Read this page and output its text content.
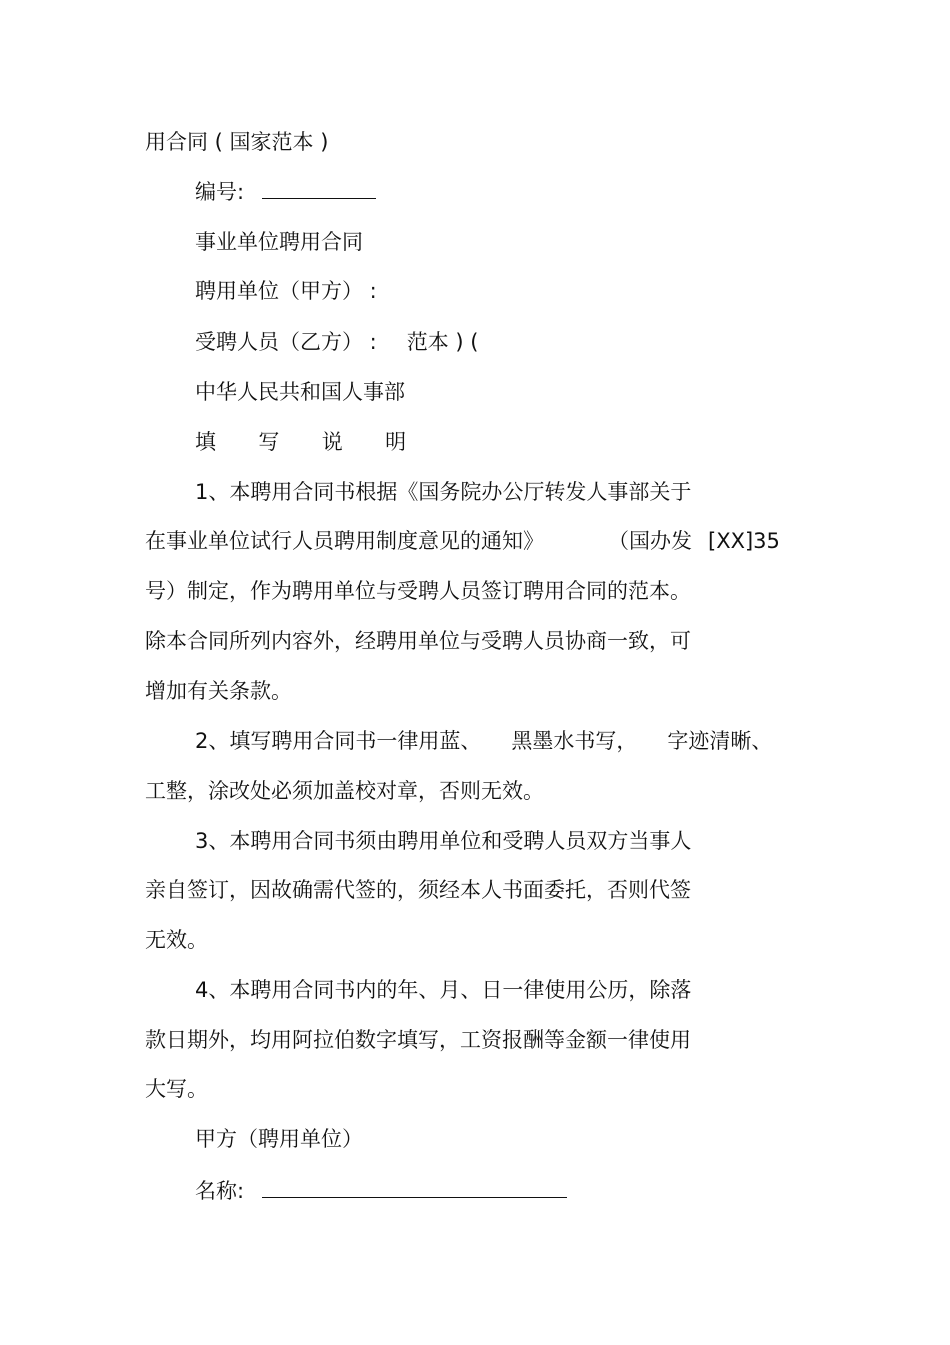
用合同 ( 国家范本 )
编号:
事业单位聘用合同
聘用单位（甲方） :
受聘人员（乙方） : 范本 ) (
中华人民共和国人事部
填 写 说 明
1、本聘用合同书根据《国务院办公厅转发人事部关于
在事业单位试行人员聘用制度意见的通知》	（国办发 [XX]35
号）制定，作为聘用单位与受聘人员签订聘用合同的范本。
除本合同所列内容外，经聘用单位与受聘人员协商一致，可
增加有关条款。
2、填写聘用合同书一律用蓝、 黑墨水书写， 字迹清晰、
工整，涂改处必须加盖校对章，否则无效。
3、本聘用合同书须由聘用单位和受聘人员双方当事人
亲自签订，因故确需代签的，须经本人书面委托，否则代签
无效。
4、本聘用合同书内的年、月、日一律使用公历，除落
款日期外，均用阿拉伯数字填写，工资报酬等金额一律使用
大写。
甲方（聘用单位）
名称:
